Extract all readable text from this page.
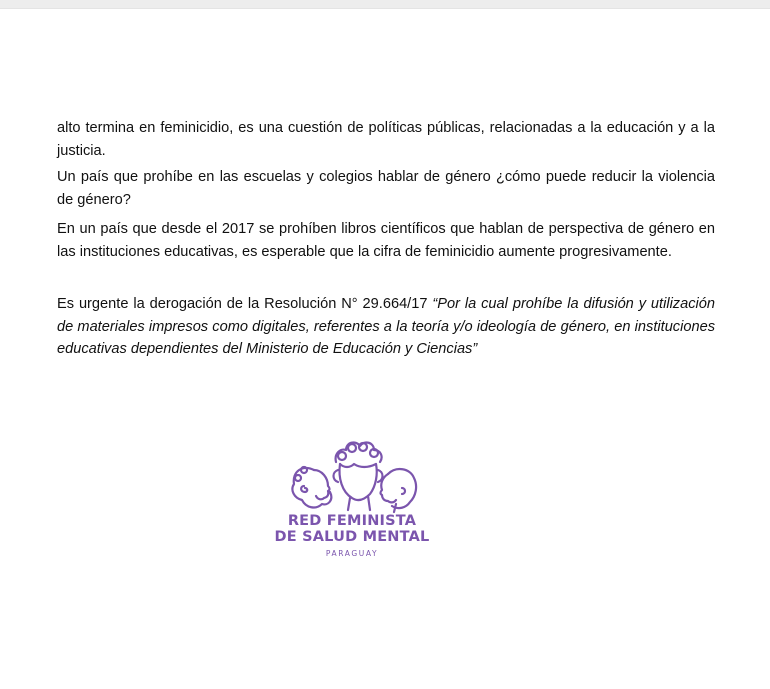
alto termina en feminicidio, es una cuestión de políticas públicas, relacionadas a la educación y a la justicia.

Un país que prohíbe en las escuelas y colegios hablar de género ¿cómo puede reducir la violencia de género?

En un país que desde el 2017 se prohíben libros científicos que hablan de perspectiva de género en las instituciones educativas, es esperable que la cifra de feminicidio aumente progresivamente.

Es urgente la derogación de la Resolución N° 29.664/17 “Por la cual prohíbe la difusión y utilización de materiales impresos como digitales, referentes a la teoría y/o ideología de género, en instituciones educativas dependientes del Ministerio de Educación y Ciencias”

RED FEMINISTA
DE SALUD MENTAL
PARAGUAY
